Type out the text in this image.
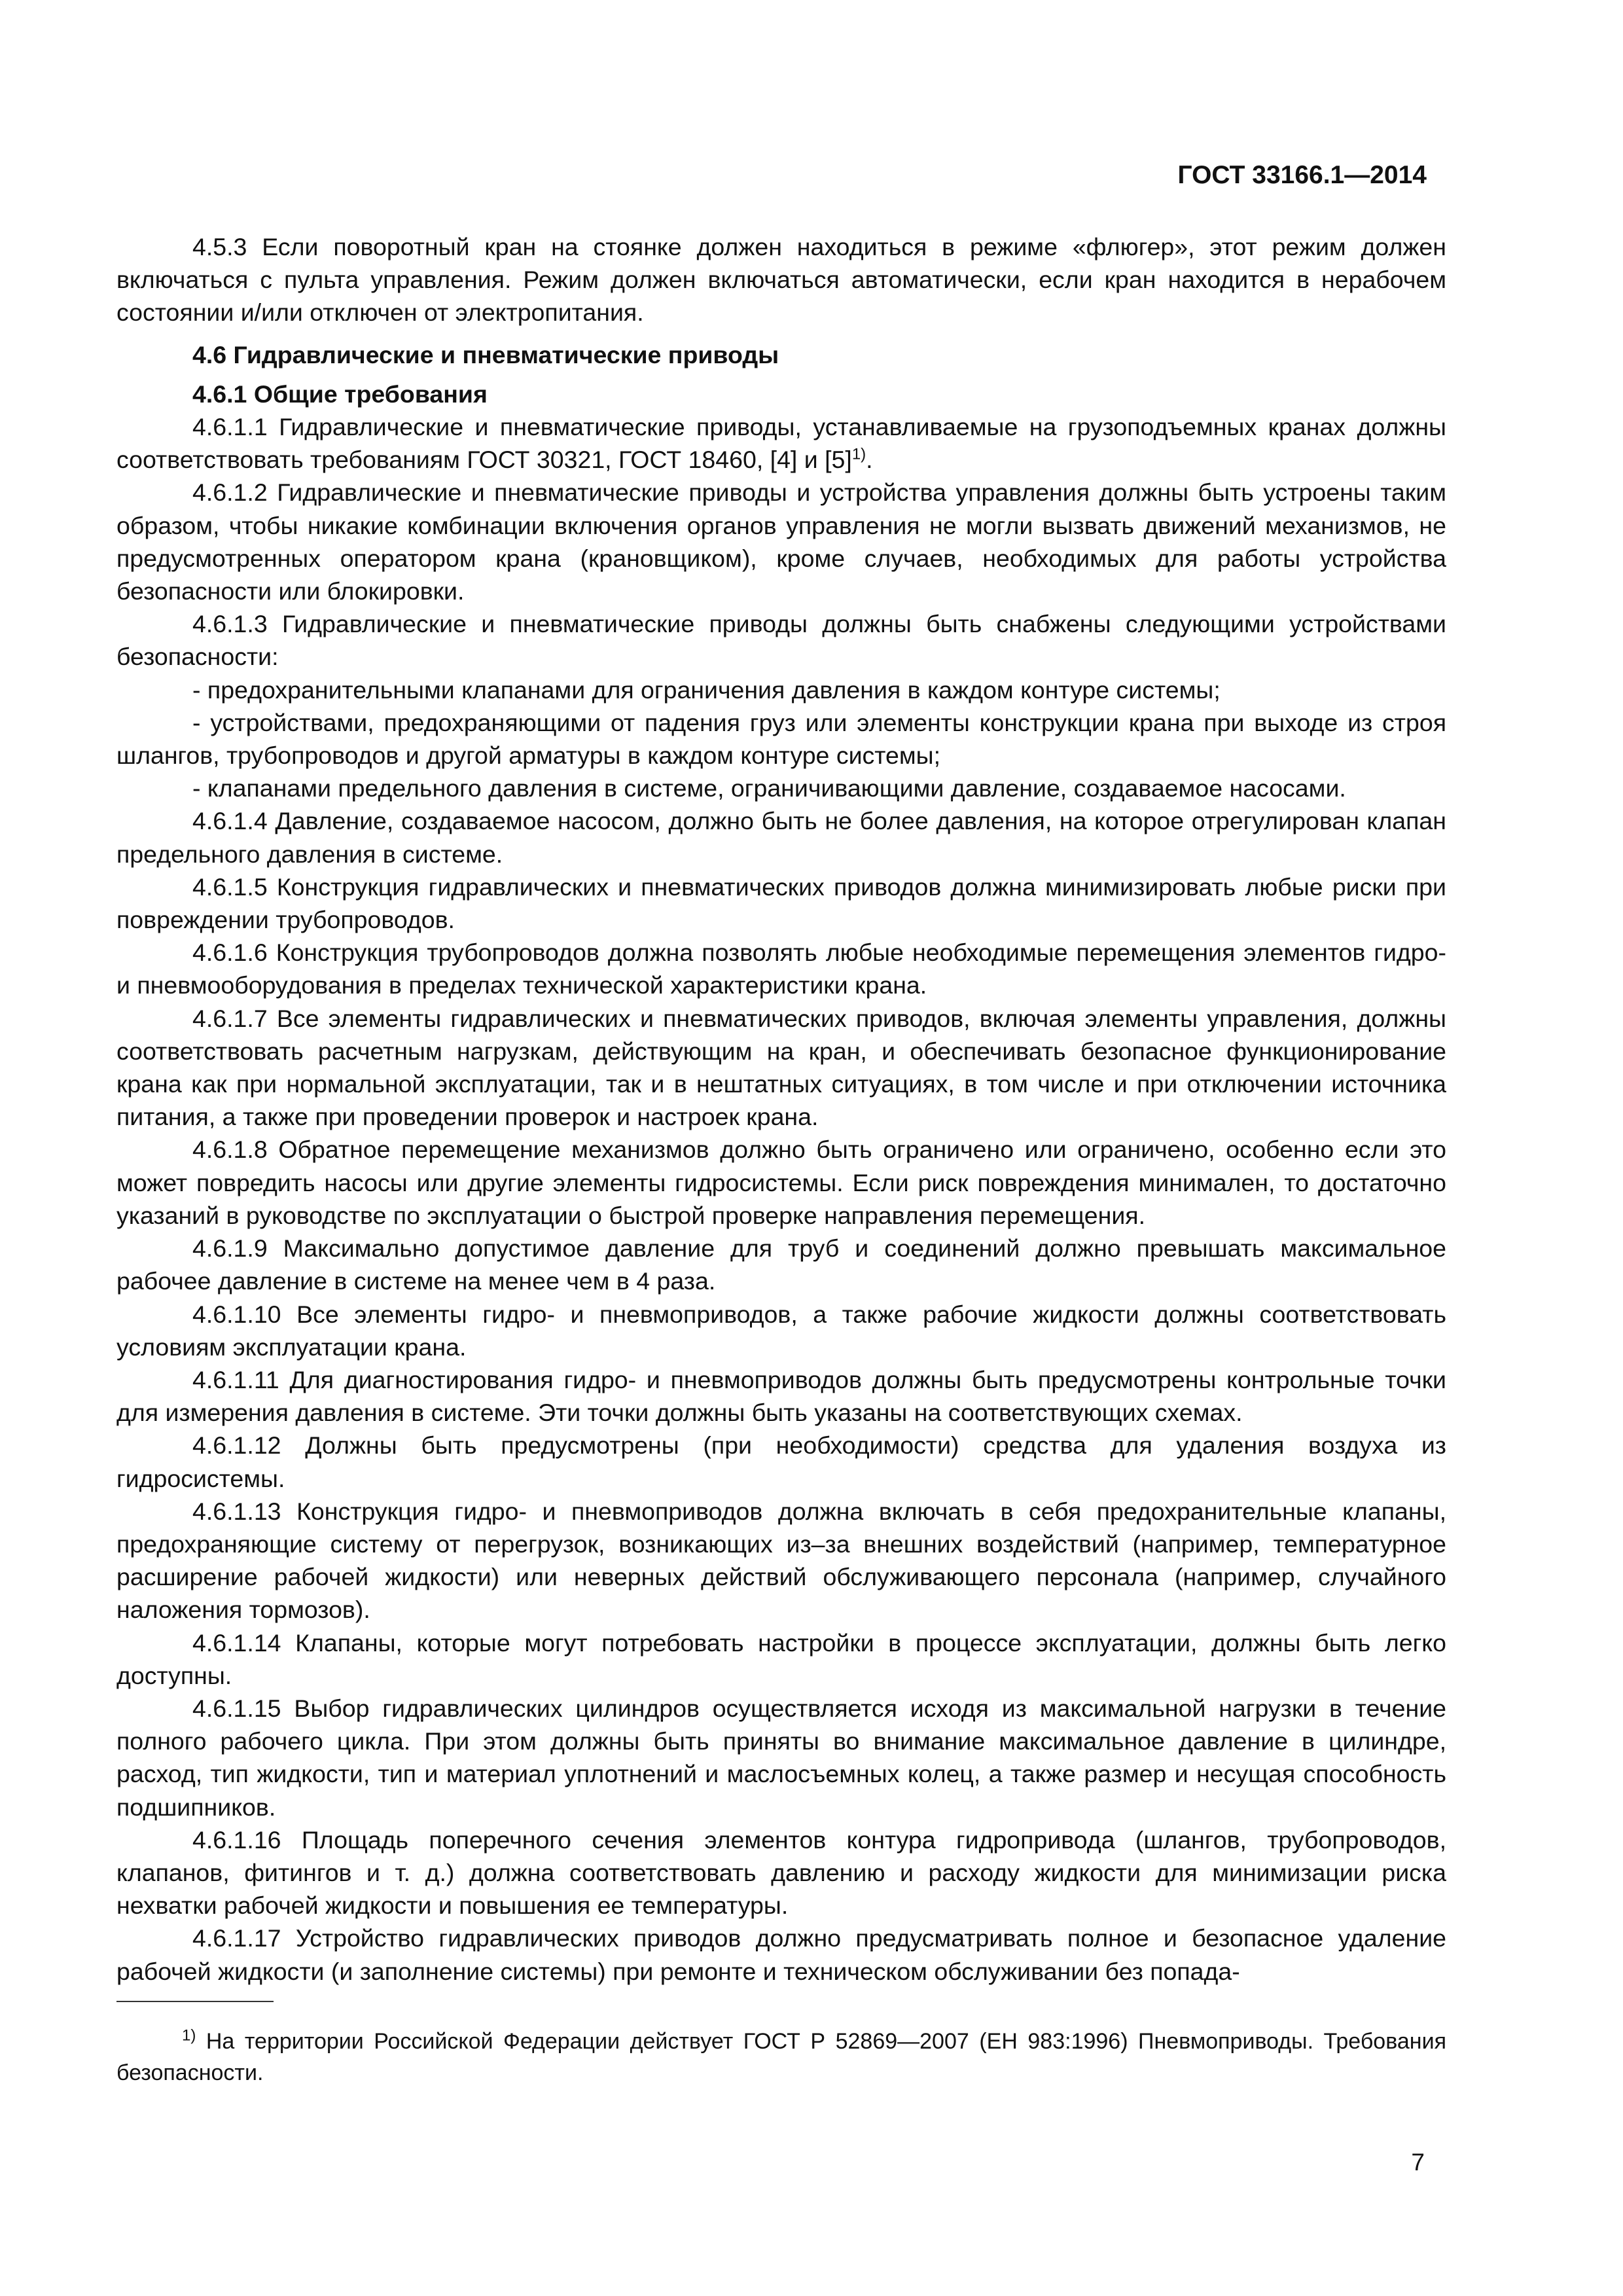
ГОСТ 33166.1—2014

4.5.3 Если поворотный кран на стоянке должен находиться в режиме «флюгер», этот режим должен включаться с пульта управления. Режим должен включаться автоматически, если кран находится в нерабочем состоянии и/или отключен от электропитания.

4.6 Гидравлические и пневматические приводы

4.6.1 Общие требования

4.6.1.1 Гидравлические и пневматические приводы, устанавливаемые на грузоподъемных кранах должны соответствовать требованиям ГОСТ 30321, ГОСТ 18460, [4] и $[5]^{1)}$.

4.6.1.2 Гидравлические и пневматические приводы и устройства управления должны быть устроены таким образом, чтобы никакие комбинации включения органов управления не могли вызвать движений механизмов, не предусмотренных оператором крана (крановщиком), кроме случаев, необходимых для работы устройства безопасности или блокировки.

4.6.1.3 Гидравлические и пневматические приводы должны быть снабжены следующими устройствами безопасности:

- предохранительными клапанами для ограничения давления в каждом контуре системы;

- устройствами, предохраняющими от падения груз или элементы конструкции крана при выходе из строя шлангов, трубопроводов и другой арматуры в каждом контуре системы;

- клапанами предельного давления в системе, ограничивающими давление, создаваемое насосами.

4.6.1.4 Давление, создаваемое насосом, должно быть не более давления, на которое отрегулирован клапан предельного давления в системе.

4.6.1.5 Конструкция гидравлических и пневматических приводов должна минимизировать любые риски при повреждении трубопроводов.

4.6.1.6 Конструкция трубопроводов должна позволять любые необходимые перемещения элементов гидро- и пневмооборудования в пределах технической характеристики крана.

4.6.1.7 Все элементы гидравлических и пневматических приводов, включая элементы управления, должны соответствовать расчетным нагрузкам, действующим на кран, и обеспечивать безопасное функционирование крана как при нормальной эксплуатации, так и в нештатных ситуациях, в том числе и при отключении источника питания, а также при проведении проверок и настроек крана.

4.6.1.8 Обратное перемещение механизмов должно быть ограничено или ограничено, особенно если это может повредить насосы или другие элементы гидросистемы. Если риск повреждения минимален, то достаточно указаний в руководстве по эксплуатации о быстрой проверке направления перемещения.

4.6.1.9 Максимально допустимое давление для труб и соединений должно превышать максимальное рабочее давление в системе на менее чем в 4 раза.

4.6.1.10 Все элементы гидро- и пневмоприводов, а также рабочие жидкости должны соответствовать условиям эксплуатации крана.

4.6.1.11 Для диагностирования гидро- и пневмоприводов должны быть предусмотрены контрольные точки для измерения давления в системе. Эти точки должны быть указаны на соответствующих схемах.

4.6.1.12 Должны быть предусмотрены (при необходимости) средства для удаления воздуха из гидросистемы.

4.6.1.13 Конструкция гидро- и пневмоприводов должна включать в себя предохранительные клапаны, предохраняющие систему от перегрузок, возникающих из–за внешних воздействий (например, температурное расширение рабочей жидкости) или неверных действий обслуживающего персонала (например, случайного наложения тормозов).

4.6.1.14 Клапаны, которые могут потребовать настройки в процессе эксплуатации, должны быть легко доступны.

4.6.1.15 Выбор гидравлических цилиндров осуществляется исходя из максимальной нагрузки в течение полного рабочего цикла. При этом должны быть приняты во внимание максимальное давление в цилиндре, расход, тип жидкости, тип и материал уплотнений и маслосъемных колец, а также размер и несущая способность подшипников.

4.6.1.16 Площадь поперечного сечения элементов контура гидропривода (шлангов, трубопроводов, клапанов, фитингов и т. д.) должна соответствовать давлению и расходу жидкости для минимизации риска нехватки рабочей жидкости и повышения ее температуры.

4.6.1.17 Устройство гидравлических приводов должно предусматривать полное и безопасное удаление рабочей жидкости (и заполнение системы) при ремонте и техническом обслуживании без попада-

$^{1)}$ На территории Российской Федерации действует ГОСТ Р 52869—2007 (ЕН 983:1996) Пневмоприводы. Требования безопасности.
7
